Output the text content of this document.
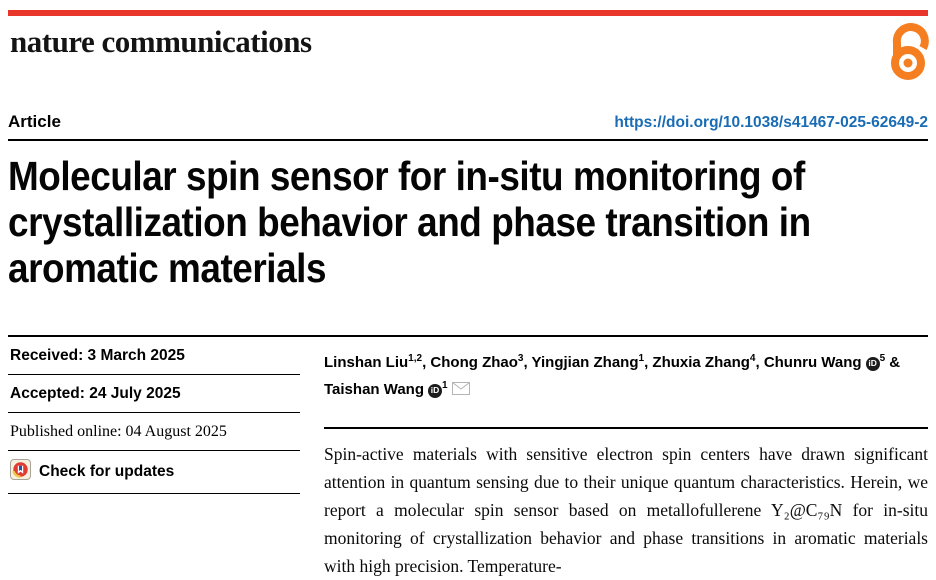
nature communications
Article	https://doi.org/10.1038/s41467-025-62649-2
Molecular spin sensor for in-situ monitoring of crystallization behavior and phase transition in aromatic materials
Received: 3 March 2025
Accepted: 24 July 2025
Published online: 04 August 2025
Check for updates

Linshan Liu$^{1,2}$, Chong Zhao$^3$, Yingjian Zhang$^1$, Zhuxia Zhang$^4$, Chunru Wang iD $^5$ & Taishan Wang iD $^1$

Spin-active materials with sensitive electron spin centers have drawn significant attention in quantum sensing due to their unique quantum characteristics. Herein, we report a molecular spin sensor based on metallofullerene Y₂@C₇₉N for in-situ monitoring of crystallization behavior and phase transitions in aromatic materials with high precision. Temperature-
